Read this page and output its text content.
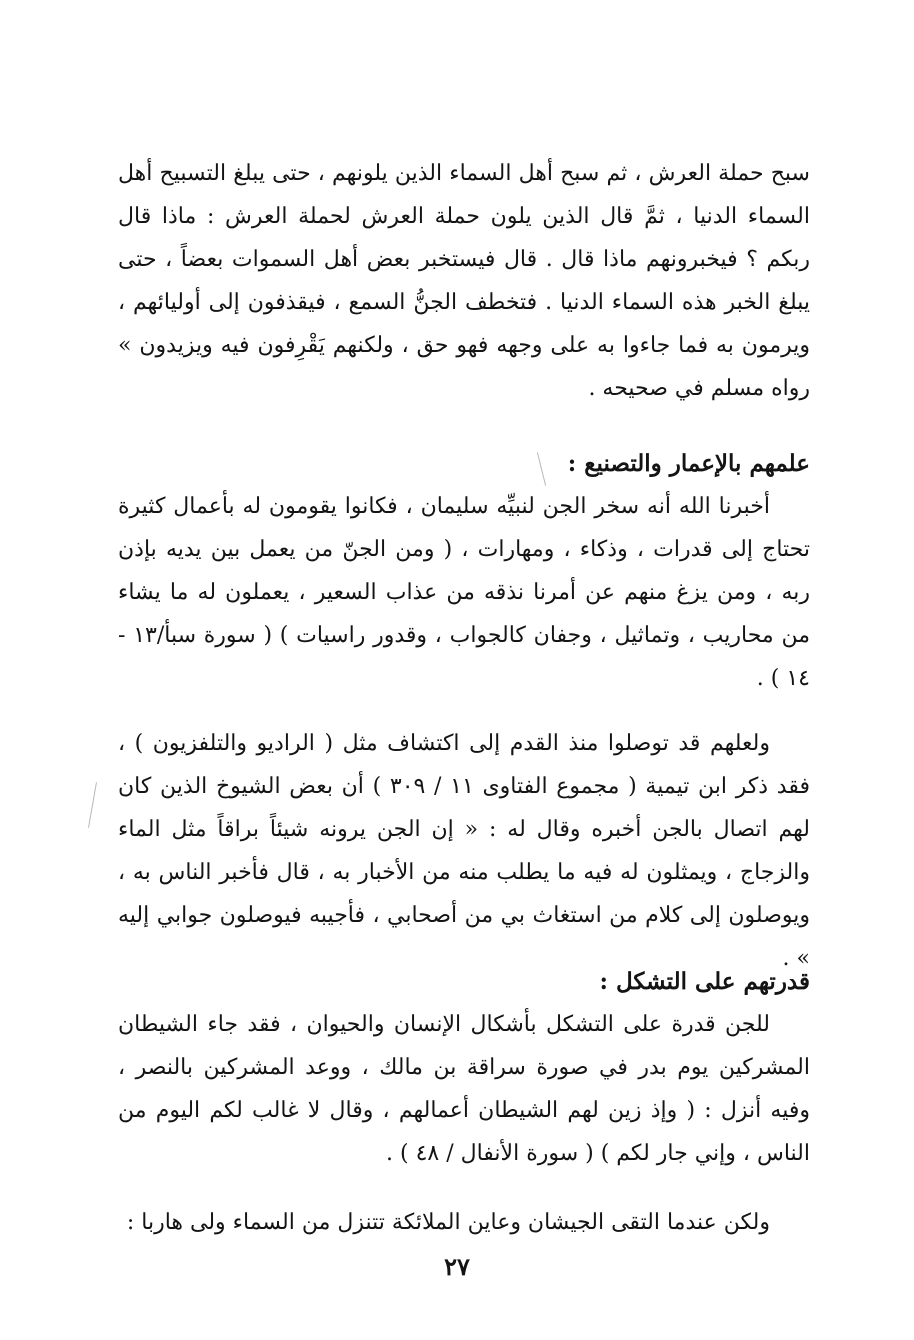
سبح حملة العرش ، ثم سبح أهل السماء الذين يلونهم ، حتى يبلغ التسبيح أهل السماء الدنيا ، ثمَّ قال الذين يلون حملة العرش لحملة العرش : ماذا قال ربكم ؟ فيخبرونهم ماذا قال . قال فيستخبر بعض أهل السموات بعضاً ، حتى يبلغ الخبر هذه السماء الدنيا . فتخطف الجنُّ السمع ، فيقذفون إلى أوليائهم ، ويرمون به فما جاءوا به على وجهه فهو حق ، ولكنهم يَقْرِفون فيه ويزيدون » رواه مسلم في صحيحه .

علمهم بالإعمار والتصنيع :

أخبرنا الله أنه سخر الجن لنبيِّه سليمان ، فكانوا يقومون له بأعمال كثيرة تحتاج إلى قدرات ، وذكاء ، ومهارات ، ( ومن الجنّ من يعمل بين يديه بإذن ربه ، ومن يزغ منهم عن أمرنا نذقه من عذاب السعير ، يعملون له ما يشاء من محاريب ، وتماثيل ، وجفان كالجواب ، وقدور راسيات ) ( سورة سبأ/١٣ - ١٤ ) .

ولعلهم قد توصلوا منذ القدم إلى اكتشاف مثل ( الراديو والتلفزيون ) ، فقد ذكر ابن تيمية ( مجموع الفتاوى ١١ / ٣٠٩ ) أن بعض الشيوخ الذين كان لهم اتصال بالجن أخبره وقال له : « إن الجن يرونه شيئاً براقاً مثل الماء والزجاج ، ويمثلون له فيه ما يطلب منه من الأخبار به ، قال فأخبر الناس به ، ويوصلون إلى كلام من استغاث بي من أصحابي ، فأجيبه فيوصلون جوابي إليه » .

قدرتهم على التشكل :

للجن قدرة على التشكل بأشكال الإنسان والحيوان ، فقد جاء الشيطان المشركين يوم بدر في صورة سراقة بن مالك ، ووعد المشركين بالنصر ، وفيه أنزل : ( وإذ زين لهم الشيطان أعمالهم ، وقال لا غالب لكم اليوم من الناس ، وإني جار لكم ) ( سورة الأنفال / ٤٨ ) .

ولكن عندما التقى الجيشان وعاين الملائكة تتنزل من السماء ولى هاربا :

٢٧
